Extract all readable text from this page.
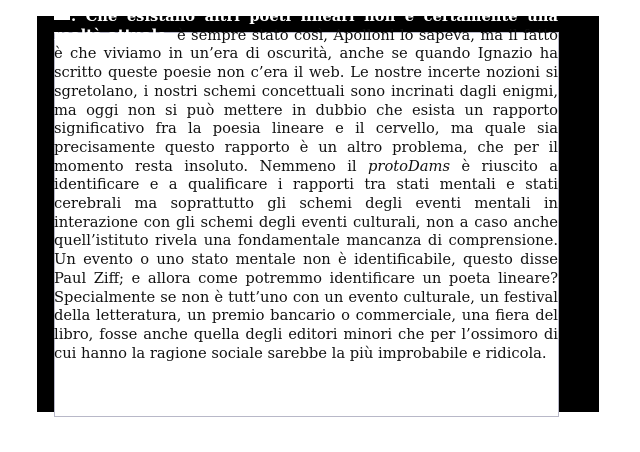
. Che esistano altri poeti lineari non è certamente una realtà attuale, è sempre stato così, Apolloni lo sapeva, ma il fatto è che viviamo in un’era di oscurità, anche se quando Ignazio ha scritto queste poesie non c’era il web. Le nostre incerte nozioni si sgretolano, i nostri schemi concettuali sono incrinati dagli enigmi, ma oggi non si può mettere in dubbio che esista un rapporto significativo fra la poesia lineare e il cervello, ma quale sia precisamente questo rapporto è un altro problema, che per il momento resta insoluto. Nemmeno il protoDams è riuscito a identificare e a qualificare i rapporti tra stati mentali e stati cerebrali ma soprattutto gli schemi degli eventi mentali in interazione con gli schemi degli eventi culturali, non a caso anche quell’istituto rivela una fondamentale mancanza di comprensione. Un evento o uno stato mentale non è identificabile, questo disse Paul Ziff; e allora come potremmo identificare un poeta lineare? Specialmente se non è tutt’uno con un evento culturale, un festival della letteratura, un premio bancario o commerciale, una fiera del libro, fosse anche quella degli editori minori che per l’ossimoro di cui hanno la ragione sociale sarebbe la più improbabile e ridicola.
